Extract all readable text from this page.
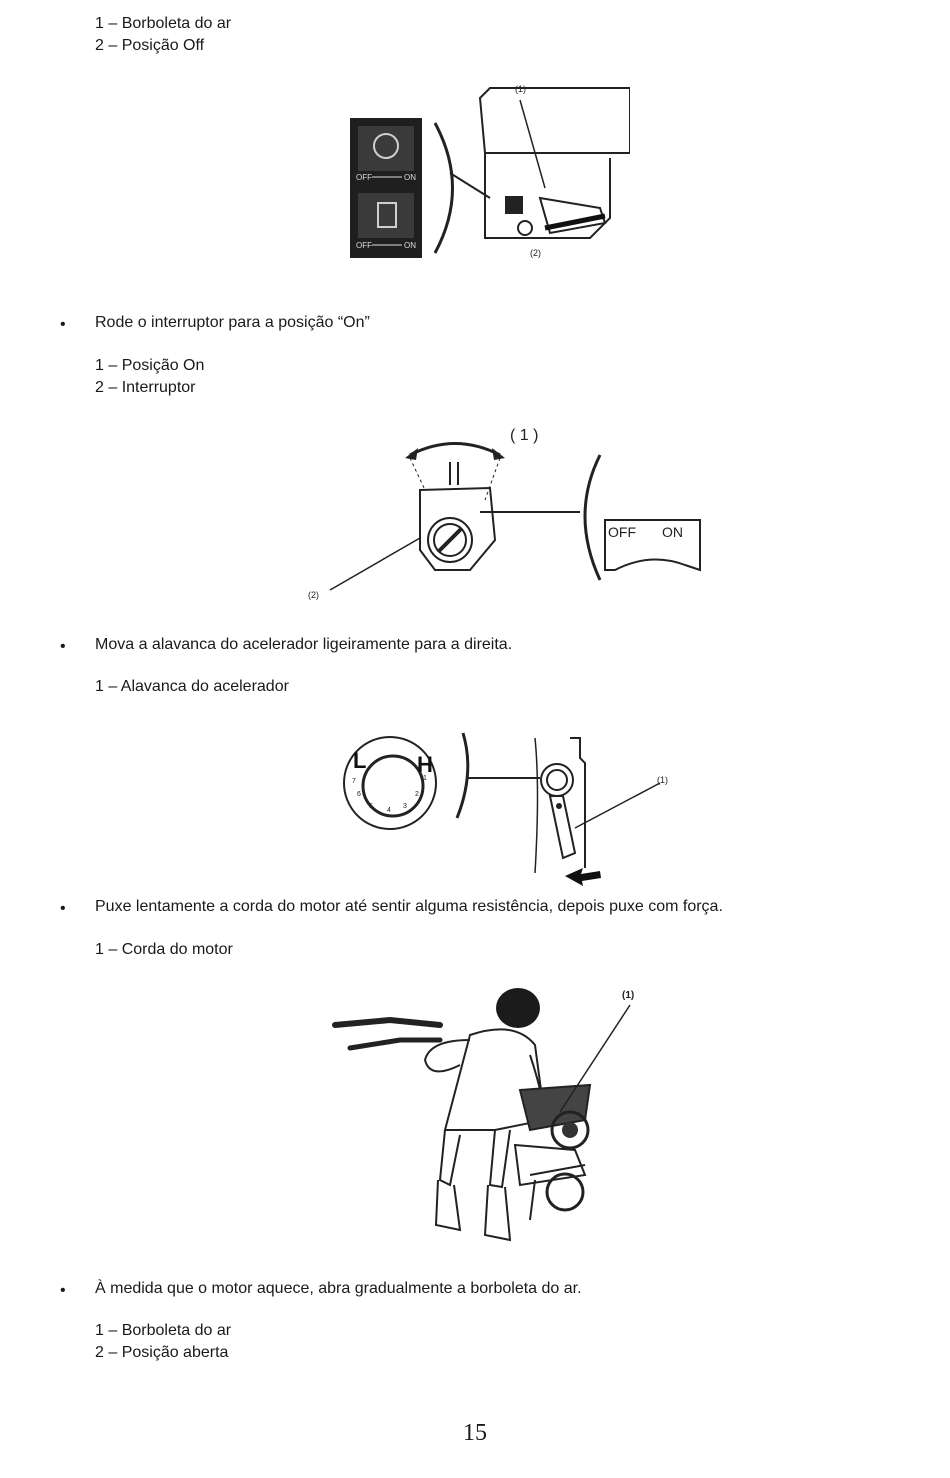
1 – Borboleta do ar
2 – Posição Off
OFF	ON
OFF	ON
(1)
(2)
• Rode o interruptor para a posição “On”
1 – Posição On
2 – Interruptor
( 1 )
OFF ON
(2)
• Mova a alavanca do acelerador ligeiramente para a direita.
1 – Alavanca do acelerador
L H
7
6
5
4
3
2
1	(1)
• Puxe lentamente a corda do motor até sentir alguma resistência, depois puxe com força.
1 – Corda do motor
(1)
• À medida que o motor aquece, abra gradualmente a borboleta do ar.
1 – Borboleta do ar
2 – Posição aberta
15
